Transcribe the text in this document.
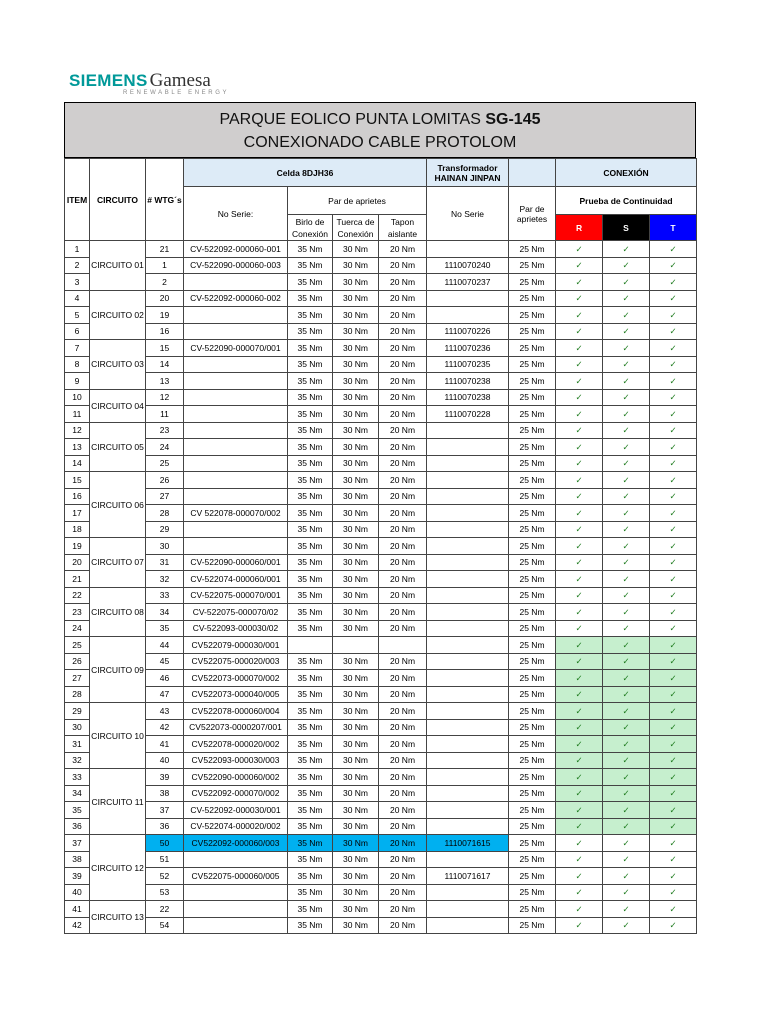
SIEMENS Gamesa
RENEWABLE ENERGY
PARQUE EOLICO PUNTA LOMITAS SG-145
CONEXIONADO CABLE PROTOLOM
ITEM	CIRCUITO	# WTG´s	Celda 8DJH36				Transformador HAINAN JINPAN		CONEXIÓN		
			No Serie:	Par de aprietes			No Serie	Par de aprietes	Prueba de Continuidad		
				Birlo de Conexión	Tuerca de Conexión	Tapon aislante			R	S	T

1	CIRCUITO 01	21	CV-522092-000060-001	35 Nm	30 Nm	20 Nm		25 Nm	✓	✓	✓
2		1	CV-522090-000060-003	35 Nm	30 Nm	20 Nm	1110070240	25 Nm	✓	✓	✓
3		2		35 Nm	30 Nm	20 Nm	1110070237	25 Nm	✓	✓	✓
4	CIRCUITO 02	20	CV-522092-000060-002	35 Nm	30 Nm	20 Nm		25 Nm	✓	✓	✓
5		19		35 Nm	30 Nm	20 Nm		25 Nm	✓	✓	✓
6		16		35 Nm	30 Nm	20 Nm	1110070226	25 Nm	✓	✓	✓
7	CIRCUITO 03	15	CV-522090-000070/001	35 Nm	30 Nm	20 Nm	1110070236	25 Nm	✓	✓	✓
8		14		35 Nm	30 Nm	20 Nm	1110070235	25 Nm	✓	✓	✓
9		13		35 Nm	30 Nm	20 Nm	1110070238	25 Nm	✓	✓	✓
10	CIRCUITO 04	12		35 Nm	30 Nm	20 Nm	1110070238	25 Nm	✓	✓	✓
11		11		35 Nm	30 Nm	20 Nm	1110070228	25 Nm	✓	✓	✓
12	CIRCUITO 05	23		35 Nm	30 Nm	20 Nm		25 Nm	✓	✓	✓
13		24		35 Nm	30 Nm	20 Nm		25 Nm	✓	✓	✓
14		25		35 Nm	30 Nm	20 Nm		25 Nm	✓	✓	✓
15	CIRCUITO 06	26		35 Nm	30 Nm	20 Nm		25 Nm	✓	✓	✓
16		27		35 Nm	30 Nm	20 Nm		25 Nm	✓	✓	✓
17		28	CV 522078-000070/002	35 Nm	30 Nm	20 Nm		25 Nm	✓	✓	✓
18		29		35 Nm	30 Nm	20 Nm		25 Nm	✓	✓	✓
19	CIRCUITO 07	30		35 Nm	30 Nm	20 Nm		25 Nm	✓	✓	✓
20		31	CV-522090-000060/001	35 Nm	30 Nm	20 Nm		25 Nm	✓	✓	✓
21		32	CV-522074-000060/001	35 Nm	30 Nm	20 Nm		25 Nm	✓	✓	✓
22	CIRCUITO 08	33	CV-522075-000070/001	35 Nm	30 Nm	20 Nm		25 Nm	✓	✓	✓
23		34	CV-522075-000070/02	35 Nm	30 Nm	20 Nm		25 Nm	✓	✓	✓
24		35	CV-522093-000030/02	35 Nm	30 Nm	20 Nm		25 Nm	✓	✓	✓
25	CIRCUITO 09	44	CV522079-000030/001					25 Nm	✓	✓	✓
26		45	CV522075-000020/003	35 Nm	30 Nm	20 Nm		25 Nm	✓	✓	✓
27		46	CV522073-000070/002	35 Nm	30 Nm	20 Nm		25 Nm	✓	✓	✓
28		47	CV522073-000040/005	35 Nm	30 Nm	20 Nm		25 Nm	✓	✓	✓
29	CIRCUITO 10	43	CV522078-000060/004	35 Nm	30 Nm	20 Nm		25 Nm	✓	✓	✓
30		42	CV522073-0000207/001	35 Nm	30 Nm	20 Nm		25 Nm	✓	✓	✓
31		41	CV522078-000020/002	35 Nm	30 Nm	20 Nm		25 Nm	✓	✓	✓
32		40	CV522093-000030/003	35 Nm	30 Nm	20 Nm		25 Nm	✓	✓	✓
33	CIRCUITO 11	39	CV522090-000060/002	35 Nm	30 Nm	20 Nm		25 Nm	✓	✓	✓
34		38	CV522092-000070/002	35 Nm	30 Nm	20 Nm		25 Nm	✓	✓	✓
35		37	CV-522092-000030/001	35 Nm	30 Nm	20 Nm		25 Nm	✓	✓	✓
36		36	CV-522074-000020/002	35 Nm	30 Nm	20 Nm		25 Nm	✓	✓	✓
37	CIRCUITO 12	50	CV522092-000060/003	35 Nm	30 Nm	20 Nm	1110071615	25 Nm	✓	✓	✓
38		51		35 Nm	30 Nm	20 Nm		25 Nm	✓	✓	✓
39		52	CV522075-000060/005	35 Nm	30 Nm	20 Nm	1110071617	25 Nm	✓	✓	✓
40		53		35 Nm	30 Nm	20 Nm		25 Nm	✓	✓	✓
41	CIRCUITO 13	22		35 Nm	30 Nm	20 Nm		25 Nm	✓	✓	✓
42		54		35 Nm	30 Nm	20 Nm		25 Nm	✓	✓	✓
